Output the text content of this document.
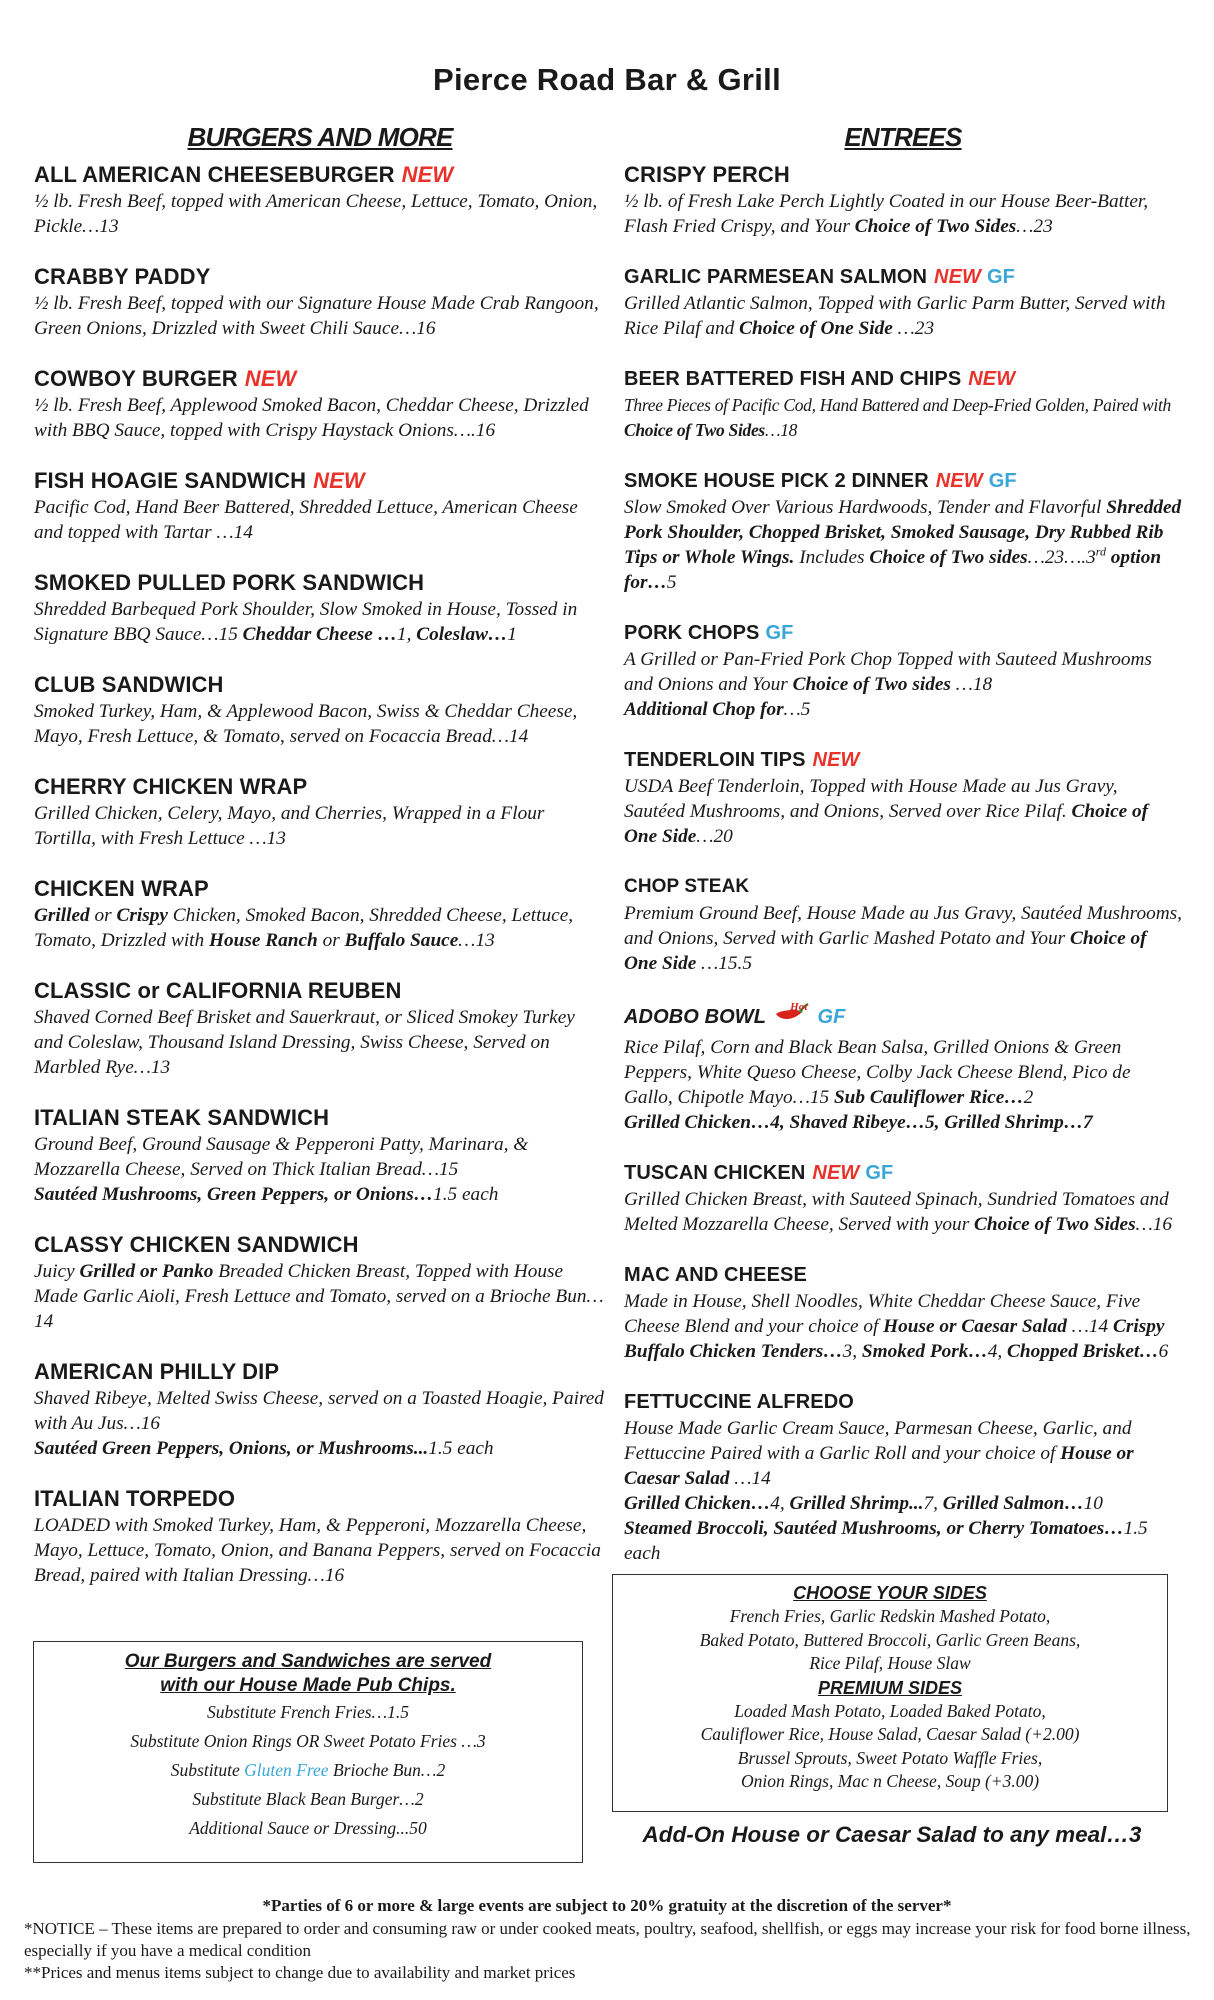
Pierce Road Bar & Grill
BURGERS AND MORE
ALL AMERICAN CHEESEBURGER NEW
½ lb. Fresh Beef, topped with American Cheese, Lettuce, Tomato, Onion, Pickle…13
CRABBY PADDY
½ lb. Fresh Beef, topped with our Signature House Made Crab Rangoon, Green Onions, Drizzled with Sweet Chili Sauce…16
COWBOY BURGER NEW
½ lb. Fresh Beef, Applewood Smoked Bacon, Cheddar Cheese, Drizzled with BBQ Sauce, topped with Crispy Haystack Onions….16
FISH HOAGIE SANDWICH NEW
Pacific Cod, Hand Beer Battered, Shredded Lettuce, American Cheese and topped with Tartar …14
SMOKED PULLED PORK SANDWICH
Shredded Barbequed Pork Shoulder, Slow Smoked in House, Tossed in Signature BBQ Sauce…15 Cheddar Cheese …1, Coleslaw…1
CLUB SANDWICH
Smoked Turkey, Ham, & Applewood Bacon, Swiss & Cheddar Cheese, Mayo, Fresh Lettuce, & Tomato, served on Focaccia Bread…14
CHERRY CHICKEN WRAP
Grilled Chicken, Celery, Mayo, and Cherries, Wrapped in a Flour Tortilla, with Fresh Lettuce …13
CHICKEN WRAP
Grilled or Crispy Chicken, Smoked Bacon, Shredded Cheese, Lettuce, Tomato, Drizzled with House Ranch or Buffalo Sauce…13
CLASSIC or CALIFORNIA REUBEN
Shaved Corned Beef Brisket and Sauerkraut, or Sliced Smokey Turkey and Coleslaw, Thousand Island Dressing, Swiss Cheese, Served on Marbled Rye…13
ITALIAN STEAK SANDWICH
Ground Beef, Ground Sausage & Pepperoni Patty, Marinara, & Mozzarella Cheese, Served on Thick Italian Bread…15
Sautéed Mushrooms, Green Peppers, or Onions…1.5 each
CLASSY CHICKEN SANDWICH
Juicy Grilled or Panko Breaded Chicken Breast, Topped with House Made Garlic Aioli, Fresh Lettuce and Tomato, served on a Brioche Bun…14
AMERICAN PHILLY DIP
Shaved Ribeye, Melted Swiss Cheese, served on a Toasted Hoagie, Paired with Au Jus…16
Sautéed Green Peppers, Onions, or Mushrooms...1.5 each
ITALIAN TORPEDO
LOADED with Smoked Turkey, Ham, & Pepperoni, Mozzarella Cheese, Mayo, Lettuce, Tomato, Onion, and Banana Peppers, served on Focaccia Bread, paired with Italian Dressing…16
Our Burgers and Sandwiches are served
with our House Made Pub Chips.
Substitute French Fries…1.5
Substitute Onion Rings OR Sweet Potato Fries …3
Substitute Gluten Free Brioche Bun…2
Substitute Black Bean Burger…2
Additional Sauce or Dressing...50
ENTREES
CRISPY PERCH
½ lb. of Fresh Lake Perch Lightly Coated in our House Beer-Batter, Flash Fried Crispy, and Your Choice of Two Sides…23
GARLIC PARMESEAN SALMON NEW GF
Grilled Atlantic Salmon, Topped with Garlic Parm Butter, Served with Rice Pilaf and Choice of One Side …23
BEER BATTERED FISH AND CHIPS NEW
Three Pieces of Pacific Cod, Hand Battered and Deep-Fried Golden, Paired with Choice of Two Sides…18
SMOKE HOUSE PICK 2 DINNER NEW GF
Slow Smoked Over Various Hardwoods, Tender and Flavorful Shredded Pork Shoulder, Chopped Brisket, Smoked Sausage, Dry Rubbed Rib Tips or Whole Wings. Includes Choice of Two sides…23….3rd option for…5
PORK CHOPS GF
A Grilled or Pan-Fried Pork Chop Topped with Sauteed Mushrooms and Onions and Your Choice of Two sides …18
Additional Chop for…5
TENDERLOIN TIPS NEW
USDA Beef Tenderloin, Topped with House Made au Jus Gravy, Sautéed Mushrooms, and Onions, Served over Rice Pilaf. Choice of One Side…20
CHOP STEAK
Premium Ground Beef, House Made au Jus Gravy, Sautéed Mushrooms, and Onions, Served with Garlic Mashed Potato and Your Choice of One Side …15.5
ADOBO BOWL $^{Hot}$ GF
Rice Pilaf, Corn and Black Bean Salsa, Grilled Onions & Green Peppers, White Queso Cheese, Colby Jack Cheese Blend, Pico de Gallo, Chipotle Mayo…15 Sub Cauliflower Rice…2
Grilled Chicken…4, Shaved Ribeye…5, Grilled Shrimp…7
TUSCAN CHICKEN NEW GF
Grilled Chicken Breast, with Sauteed Spinach, Sundried Tomatoes and Melted Mozzarella Cheese, Served with your Choice of Two Sides…16
MAC AND CHEESE
Made in House, Shell Noodles, White Cheddar Cheese Sauce, Five Cheese Blend and your choice of House or Caesar Salad …14 Crispy Buffalo Chicken Tenders…3, Smoked Pork…4, Chopped Brisket…6
FETTUCCINE ALFREDO
House Made Garlic Cream Sauce, Parmesan Cheese, Garlic, and Fettuccine Paired with a Garlic Roll and your choice of House or Caesar Salad …14
Grilled Chicken…4, Grilled Shrimp...7, Grilled Salmon…10
Steamed Broccoli, Sautéed Mushrooms, or Cherry Tomatoes…1.5 each
CHOOSE YOUR SIDES
French Fries, Garlic Redskin Mashed Potato,
Baked Potato, Buttered Broccoli, Garlic Green Beans,
Rice Pilaf, House Slaw
PREMIUM SIDES
Loaded Mash Potato, Loaded Baked Potato,
Cauliflower Rice, House Salad, Caesar Salad (+2.00)
Brussel Sprouts, Sweet Potato Waffle Fries,
Onion Rings, Mac n Cheese, Soup (+3.00)
Add-On House or Caesar Salad to any meal…3
*Parties of 6 or more & large events are subject to 20% gratuity at the discretion of the server*
*NOTICE – These items are prepared to order and consuming raw or under cooked meats, poultry, seafood, shellfish, or eggs may increase your risk for food borne illness, especially if you have a medical condition
**Prices and menus items subject to change due to availability and market prices
